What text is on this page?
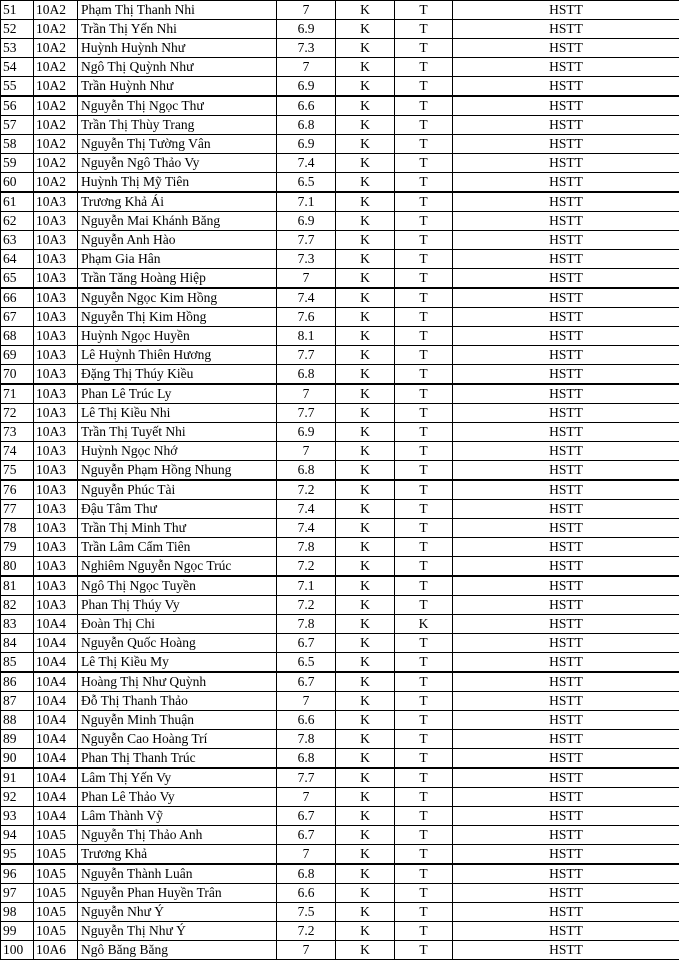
51	10A2	Phạm Thị Thanh Nhi	7	K	T	HSTT
52	10A2	Trần Thị Yến Nhi	6.9	K	T	HSTT
53	10A2	Huỳnh Huỳnh Như	7.3	K	T	HSTT
54	10A2	Ngô Thị Quỳnh Như	7	K	T	HSTT
55	10A2	Trần Huỳnh Như	6.9	K	T	HSTT
56	10A2	Nguyễn Thị Ngọc Thư	6.6	K	T	HSTT
57	10A2	Trần Thị Thùy Trang	6.8	K	T	HSTT
58	10A2	Nguyễn Thị Tường Vân	6.9	K	T	HSTT
59	10A2	Nguyễn Ngô Thảo Vy	7.4	K	T	HSTT
60	10A2	Huỳnh Thị Mỹ Tiên	6.5	K	T	HSTT
61	10A3	Trương Khả Ái	7.1	K	T	HSTT
62	10A3	Nguyễn Mai Khánh Băng	6.9	K	T	HSTT
63	10A3	Nguyễn Anh Hào	7.7	K	T	HSTT
64	10A3	Phạm Gia Hân	7.3	K	T	HSTT
65	10A3	Trần Tăng Hoàng Hiệp	7	K	T	HSTT
66	10A3	Nguyễn Ngọc Kim Hồng	7.4	K	T	HSTT
67	10A3	Nguyễn Thị Kim Hồng	7.6	K	T	HSTT
68	10A3	Huỳnh Ngọc Huyền	8.1	K	T	HSTT
69	10A3	Lê Huỳnh Thiên Hương	7.7	K	T	HSTT
70	10A3	Đặng Thị Thúy Kiều	6.8	K	T	HSTT
71	10A3	Phan Lê Trúc Ly	7	K	T	HSTT
72	10A3	Lê Thị Kiều Nhi	7.7	K	T	HSTT
73	10A3	Trần Thị Tuyết Nhi	6.9	K	T	HSTT
74	10A3	Huỳnh Ngọc Nhớ	7	K	T	HSTT
75	10A3	Nguyễn Phạm Hồng Nhung	6.8	K	T	HSTT
76	10A3	Nguyễn Phúc Tài	7.2	K	T	HSTT
77	10A3	Đậu Tâm Thư	7.4	K	T	HSTT
78	10A3	Trần Thị Minh Thư	7.4	K	T	HSTT
79	10A3	Trần Lâm Cẩm Tiên	7.8	K	T	HSTT
80	10A3	Nghiêm Nguyễn Ngọc Trúc	7.2	K	T	HSTT
81	10A3	Ngô Thị Ngọc Tuyền	7.1	K	T	HSTT
82	10A3	Phan Thị Thúy Vy	7.2	K	T	HSTT
83	10A4	Đoàn Thị Chi	7.8	K	K	HSTT
84	10A4	Nguyễn Quốc Hoàng	6.7	K	T	HSTT
85	10A4	Lê Thị Kiều My	6.5	K	T	HSTT
86	10A4	Hoàng Thị Như Quỳnh	6.7	K	T	HSTT
87	10A4	Đỗ Thị Thanh Thảo	7	K	T	HSTT
88	10A4	Nguyễn Minh Thuận	6.6	K	T	HSTT
89	10A4	Nguyễn Cao Hoàng Trí	7.8	K	T	HSTT
90	10A4	Phan Thị Thanh Trúc	6.8	K	T	HSTT
91	10A4	Lâm Thị Yến Vy	7.7	K	T	HSTT
92	10A4	Phan Lê Thảo Vy	7	K	T	HSTT
93	10A4	Lâm Thành Vỹ	6.7	K	T	HSTT
94	10A5	Nguyễn Thị Thảo Anh	6.7	K	T	HSTT
95	10A5	Trương Khả	7	K	T	HSTT
96	10A5	Nguyễn Thành Luân	6.8	K	T	HSTT
97	10A5	Nguyễn Phan Huyền Trân	6.6	K	T	HSTT
98	10A5	Nguyễn Như Ý	7.5	K	T	HSTT
99	10A5	Nguyễn Thị Như Ý	7.2	K	T	HSTT
100	10A6	Ngô Băng Băng	7	K	T	HSTT
